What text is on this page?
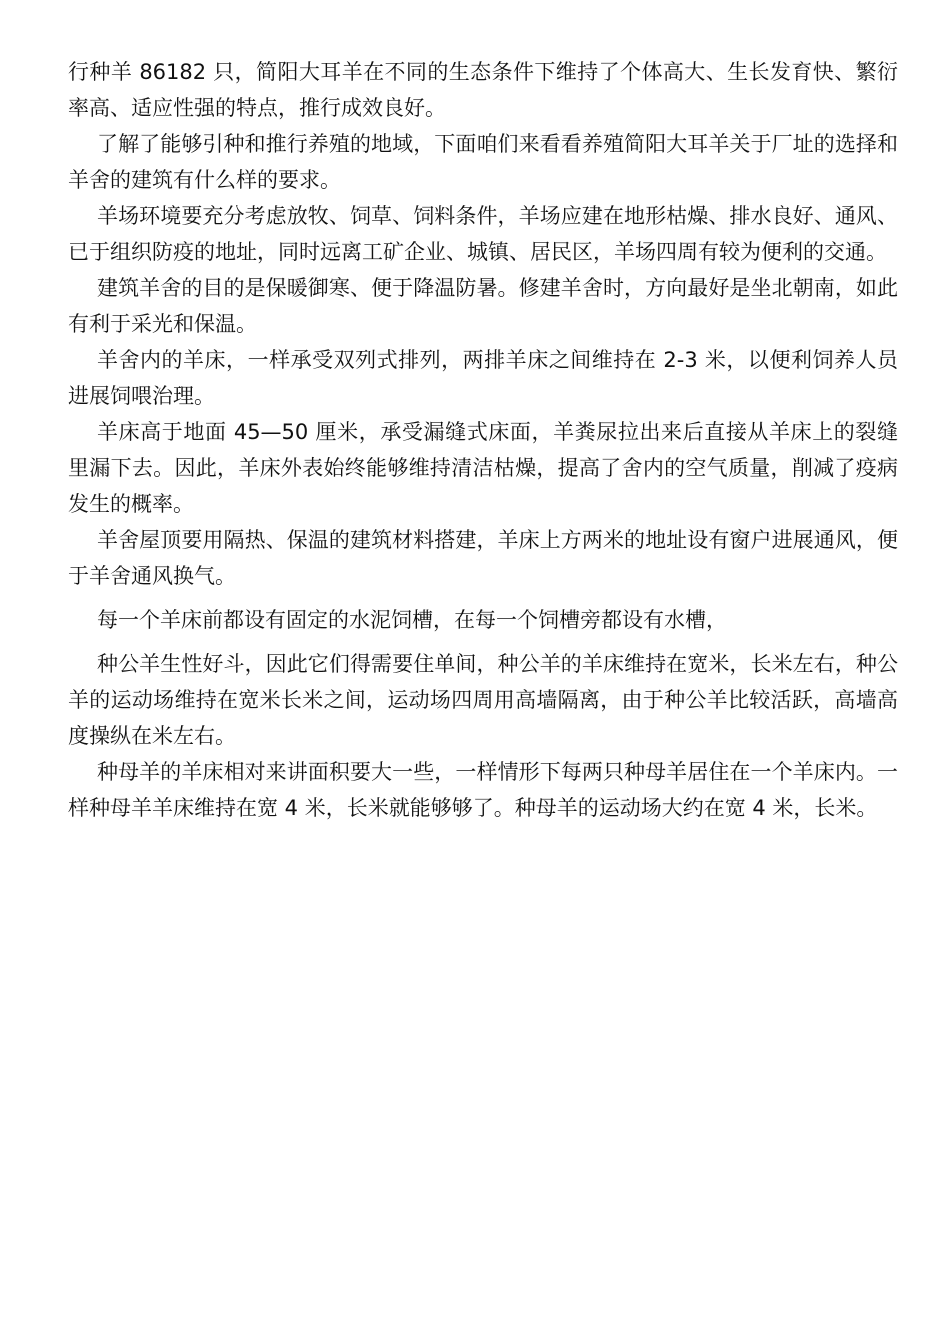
行种羊 86182 只，简阳大耳羊在不同的生态条件下维持了个体高大、生长发育快、繁衍率高、适应性强的特点，推行成效良好。

了解了能够引种和推行养殖的地域，下面咱们来看看养殖简阳大耳羊关于厂址的选择和羊舍的建筑有什么样的要求。

羊场环境要充分考虑放牧、饲草、饲料条件，羊场应建在地形枯燥、排水良好、通风、已于组织防疫的地址，同时远离工矿企业、城镇、居民区，羊场四周有较为便利的交通。

建筑羊舍的目的是保暖御寒、便于降温防暑。修建羊舍时，方向最好是坐北朝南，如此有利于采光和保温。

羊舍内的羊床，一样承受双列式排列，两排羊床之间维持在 2-3 米，以便利饲养人员进展饲喂治理。

羊床高于地面 45—50 厘米，承受漏缝式床面，羊粪尿拉出来后直接从羊床上的裂缝里漏下去。因此，羊床外表始终能够维持清洁枯燥，提高了舍内的空气质量，削减了疫病发生的概率。

羊舍屋顶要用隔热、保温的建筑材料搭建，羊床上方两米的地址设有窗户进展通风，便于羊舍通风换气。

每一个羊床前都设有固定的水泥饲槽，在每一个饲槽旁都设有水槽，

种公羊生性好斗，因此它们得需要住单间，种公羊的羊床维持在宽米，长米左右，种公羊的运动场维持在宽米长米之间，运动场四周用高墙隔离，由于种公羊比较活跃，高墙高度操纵在米左右。

种母羊的羊床相对来讲面积要大一些，一样情形下每两只种母羊居住在一个羊床内。一样种母羊羊床维持在宽 4 米，长米就能够够了。种母羊的运动场大约在宽 4 米，长米。
